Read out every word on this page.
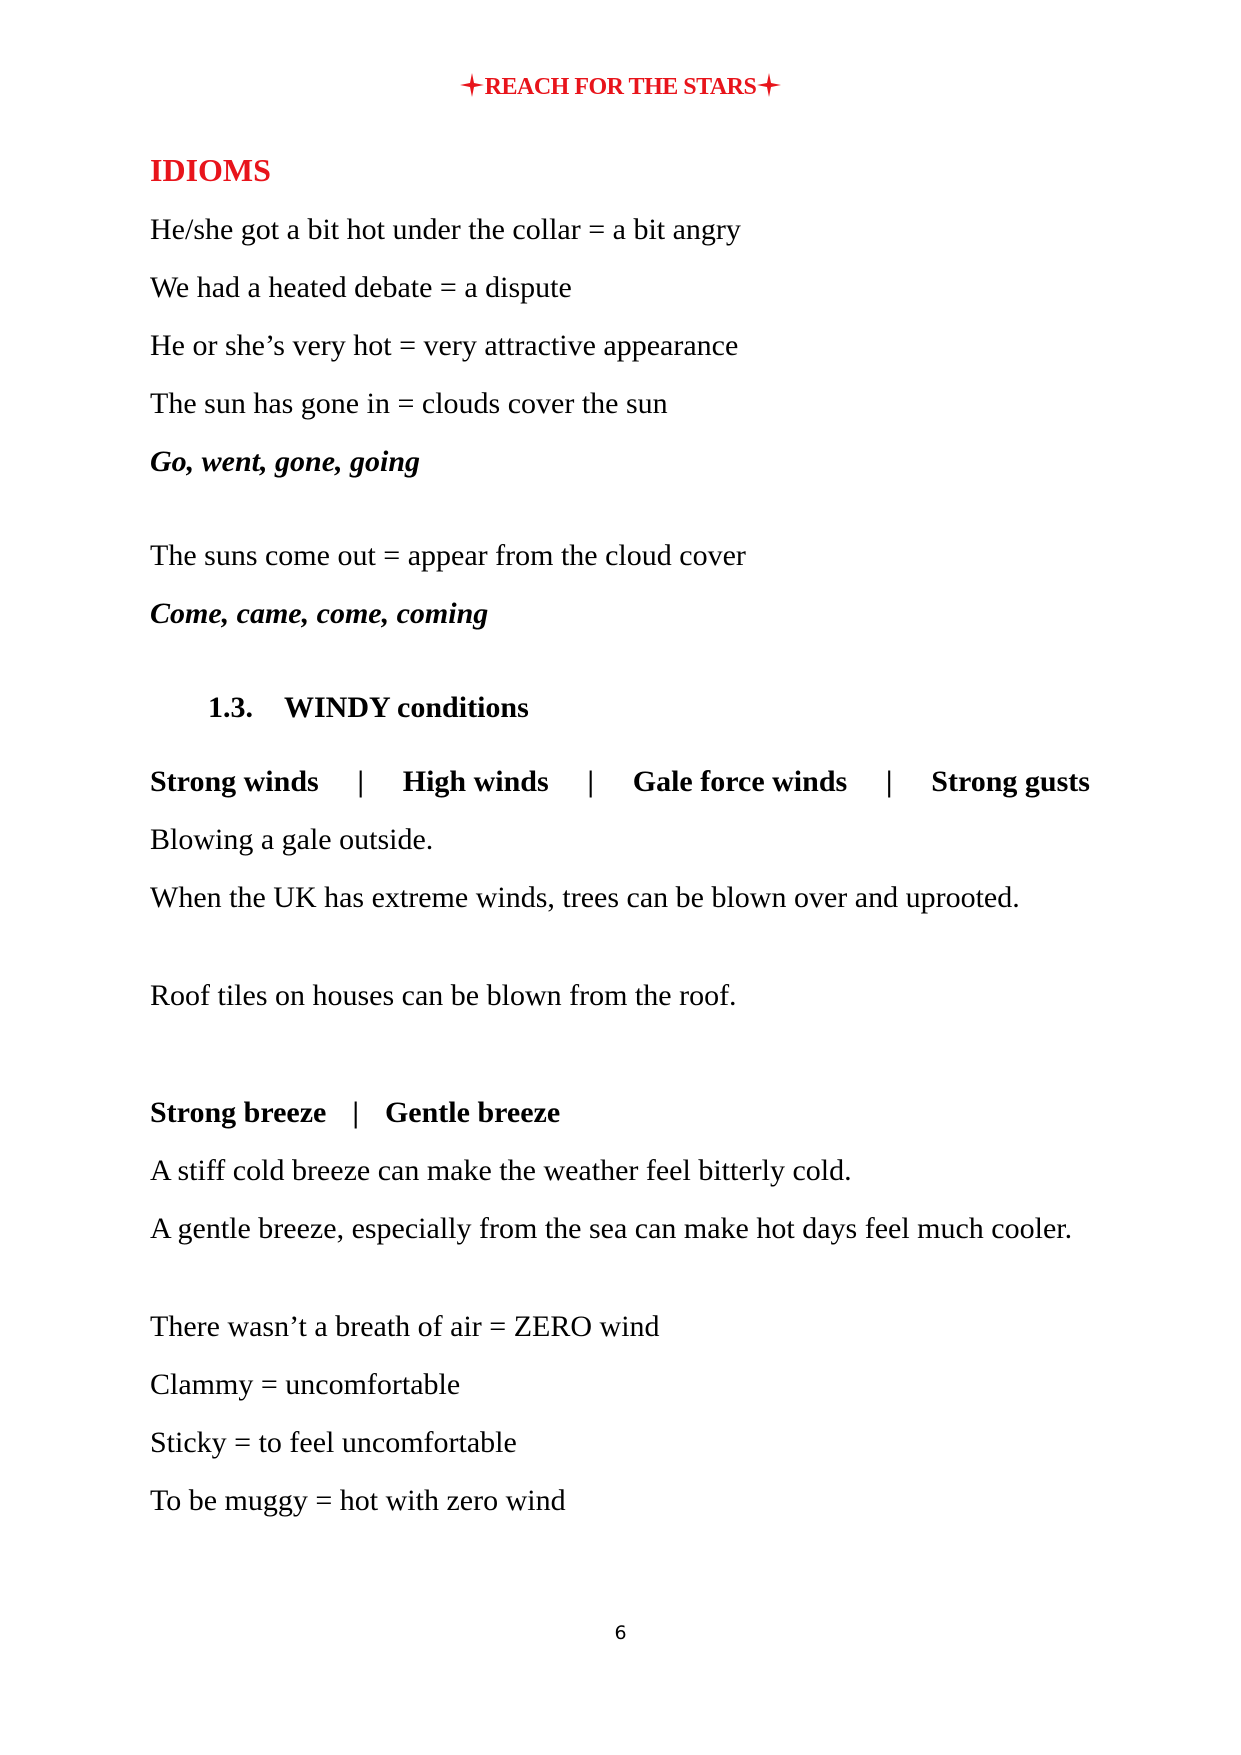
REACH FOR THE STARS
IDIOMS
He/she got a bit hot under the collar = a bit angry
We had a heated debate = a dispute
He or she’s very hot = very attractive appearance
The sun has gone in = clouds cover the sun
Go, went, gone, going
The suns come out = appear from the cloud cover
Come, came, come, coming
1.3. WINDY conditions
Strong winds | High winds | Gale force winds | Strong gusts
Blowing a gale outside.
When the UK has extreme winds, trees can be blown over and uprooted.
Roof tiles on houses can be blown from the roof.
Strong breeze | Gentle breeze
A stiff cold breeze can make the weather feel bitterly cold.
A gentle breeze, especially from the sea can make hot days feel much cooler.
There wasn’t a breath of air = ZERO wind
Clammy = uncomfortable
Sticky = to feel uncomfortable
To be muggy = hot with zero wind
6
